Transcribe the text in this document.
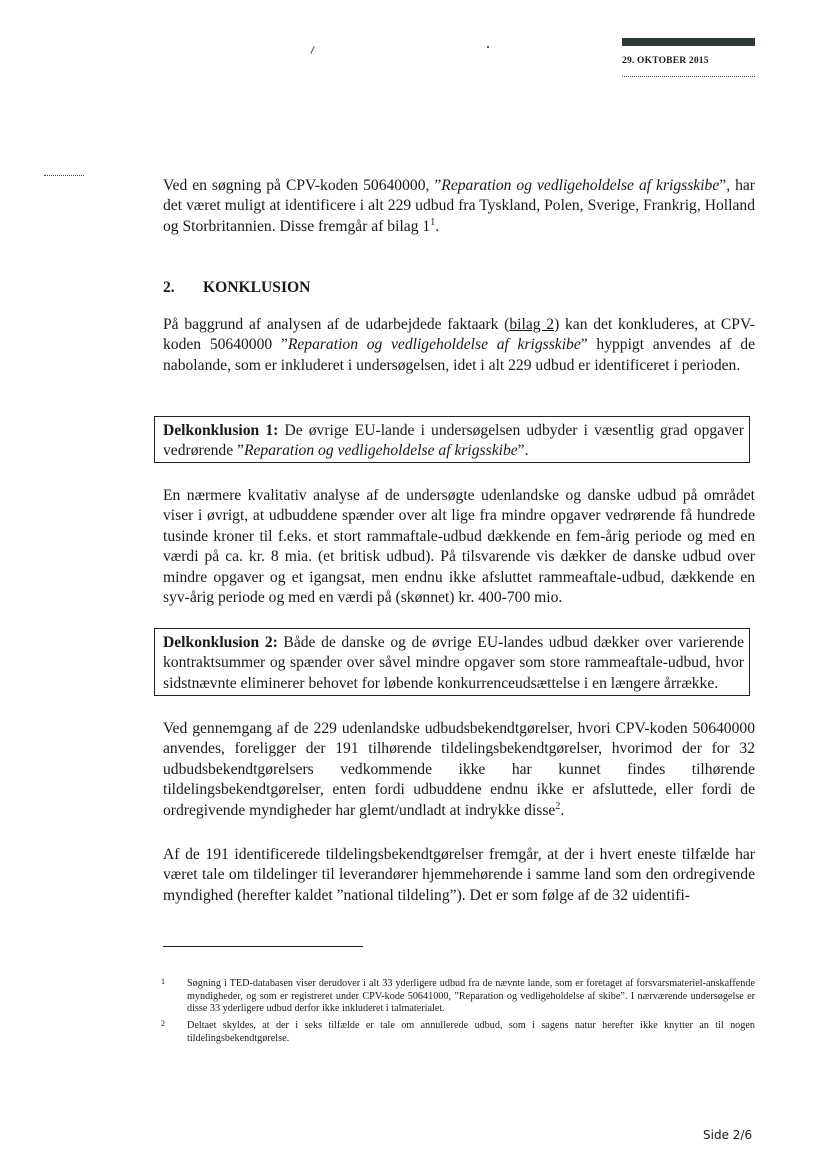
29. OKTOBER 2015

Ved en søgning på CPV-koden 50640000, ”Reparation og vedligeholdelse af krigsskibe”, har det været muligt at identificere i alt 229 udbud fra Tyskland, Polen, Sverige, Frankrig, Holland og Storbritannien. Disse fremgår af bilag $1^1$.

2. KONKLUSION

På baggrund af analysen af de udarbejdede faktaark (bilag 2) kan det konkluderes, at CPV-koden 50640000 ”Reparation og vedligeholdelse af krigsskibe” hyppigt anvendes af de nabolande, som er inkluderet i undersøgelsen, idet i alt 229 udbud er identificeret i perioden.

Delkonklusion 1: De øvrige EU-lande i undersøgelsen udbyder i væsentlig grad opgaver vedrørende ”Reparation og vedligeholdelse af krigsskibe”.

En nærmere kvalitativ analyse af de undersøgte udenlandske og danske udbud på området viser i øvrigt, at udbuddene spænder over alt lige fra mindre opgaver vedrørende få hundrede tusinde kroner til f.eks. et stort rammaftale-udbud dækkende en fem-årig periode og med en værdi på ca. kr. 8 mia. (et britisk udbud). På tilsvarende vis dækker de danske udbud over mindre opgaver og et igangsat, men endnu ikke afsluttet rammeaftale-udbud, dækkende en syv-årig periode og med en værdi på (skønnet) kr. 400-700 mio.

Delkonklusion 2: Både de danske og de øvrige EU-landes udbud dækker over varierende kontraktsummer og spænder over såvel mindre opgaver som store rammeaftale-udbud, hvor sidstnævnte eliminerer behovet for løbende konkurrenceudsættelse i en længere årrække.

Ved gennemgang af de 229 udenlandske udbudsbekendtgørelser, hvori CPV-koden 50640000 anvendes, foreligger der 191 tilhørende tildelingsbekendtgørelser, hvorimod der for 32 udbudsbekendtgørelsers vedkommende ikke har kunnet findes tilhørende tildelingsbekendtgørelser, enten fordi udbuddene endnu ikke er afsluttede, eller fordi de ordregivende myndigheder har glemt/undladt at indrykke disse$^2$.

Af de 191 identificerede tildelingsbekendtgørelser fremgår, at der i hvert eneste tilfælde har været tale om tildelinger til leverandører hjemmehørende i samme land som den ordregivende myndighed (herefter kaldet ”national tildeling”). Det er som følge af de 32 uidentifi-

1 Søgning i TED-databasen viser derudover i alt 33 yderligere udbud fra de nævnte lande, som er foretaget af forsvarsmateriel-anskaffende myndigheder, og som er registreret under CPV-kode 50641000, ”Reparation og vedligeholdelse af skibe”. I nærværende undersøgelse er disse 33 yderligere udbud derfor ikke inkluderet i talmaterialet.
2 Deltaet skyldes, at der i seks tilfælde er tale om annullerede udbud, som i sagens natur herefter ikke knytter an til nogen tildelingsbekendtgørelse.
Side 2/6
